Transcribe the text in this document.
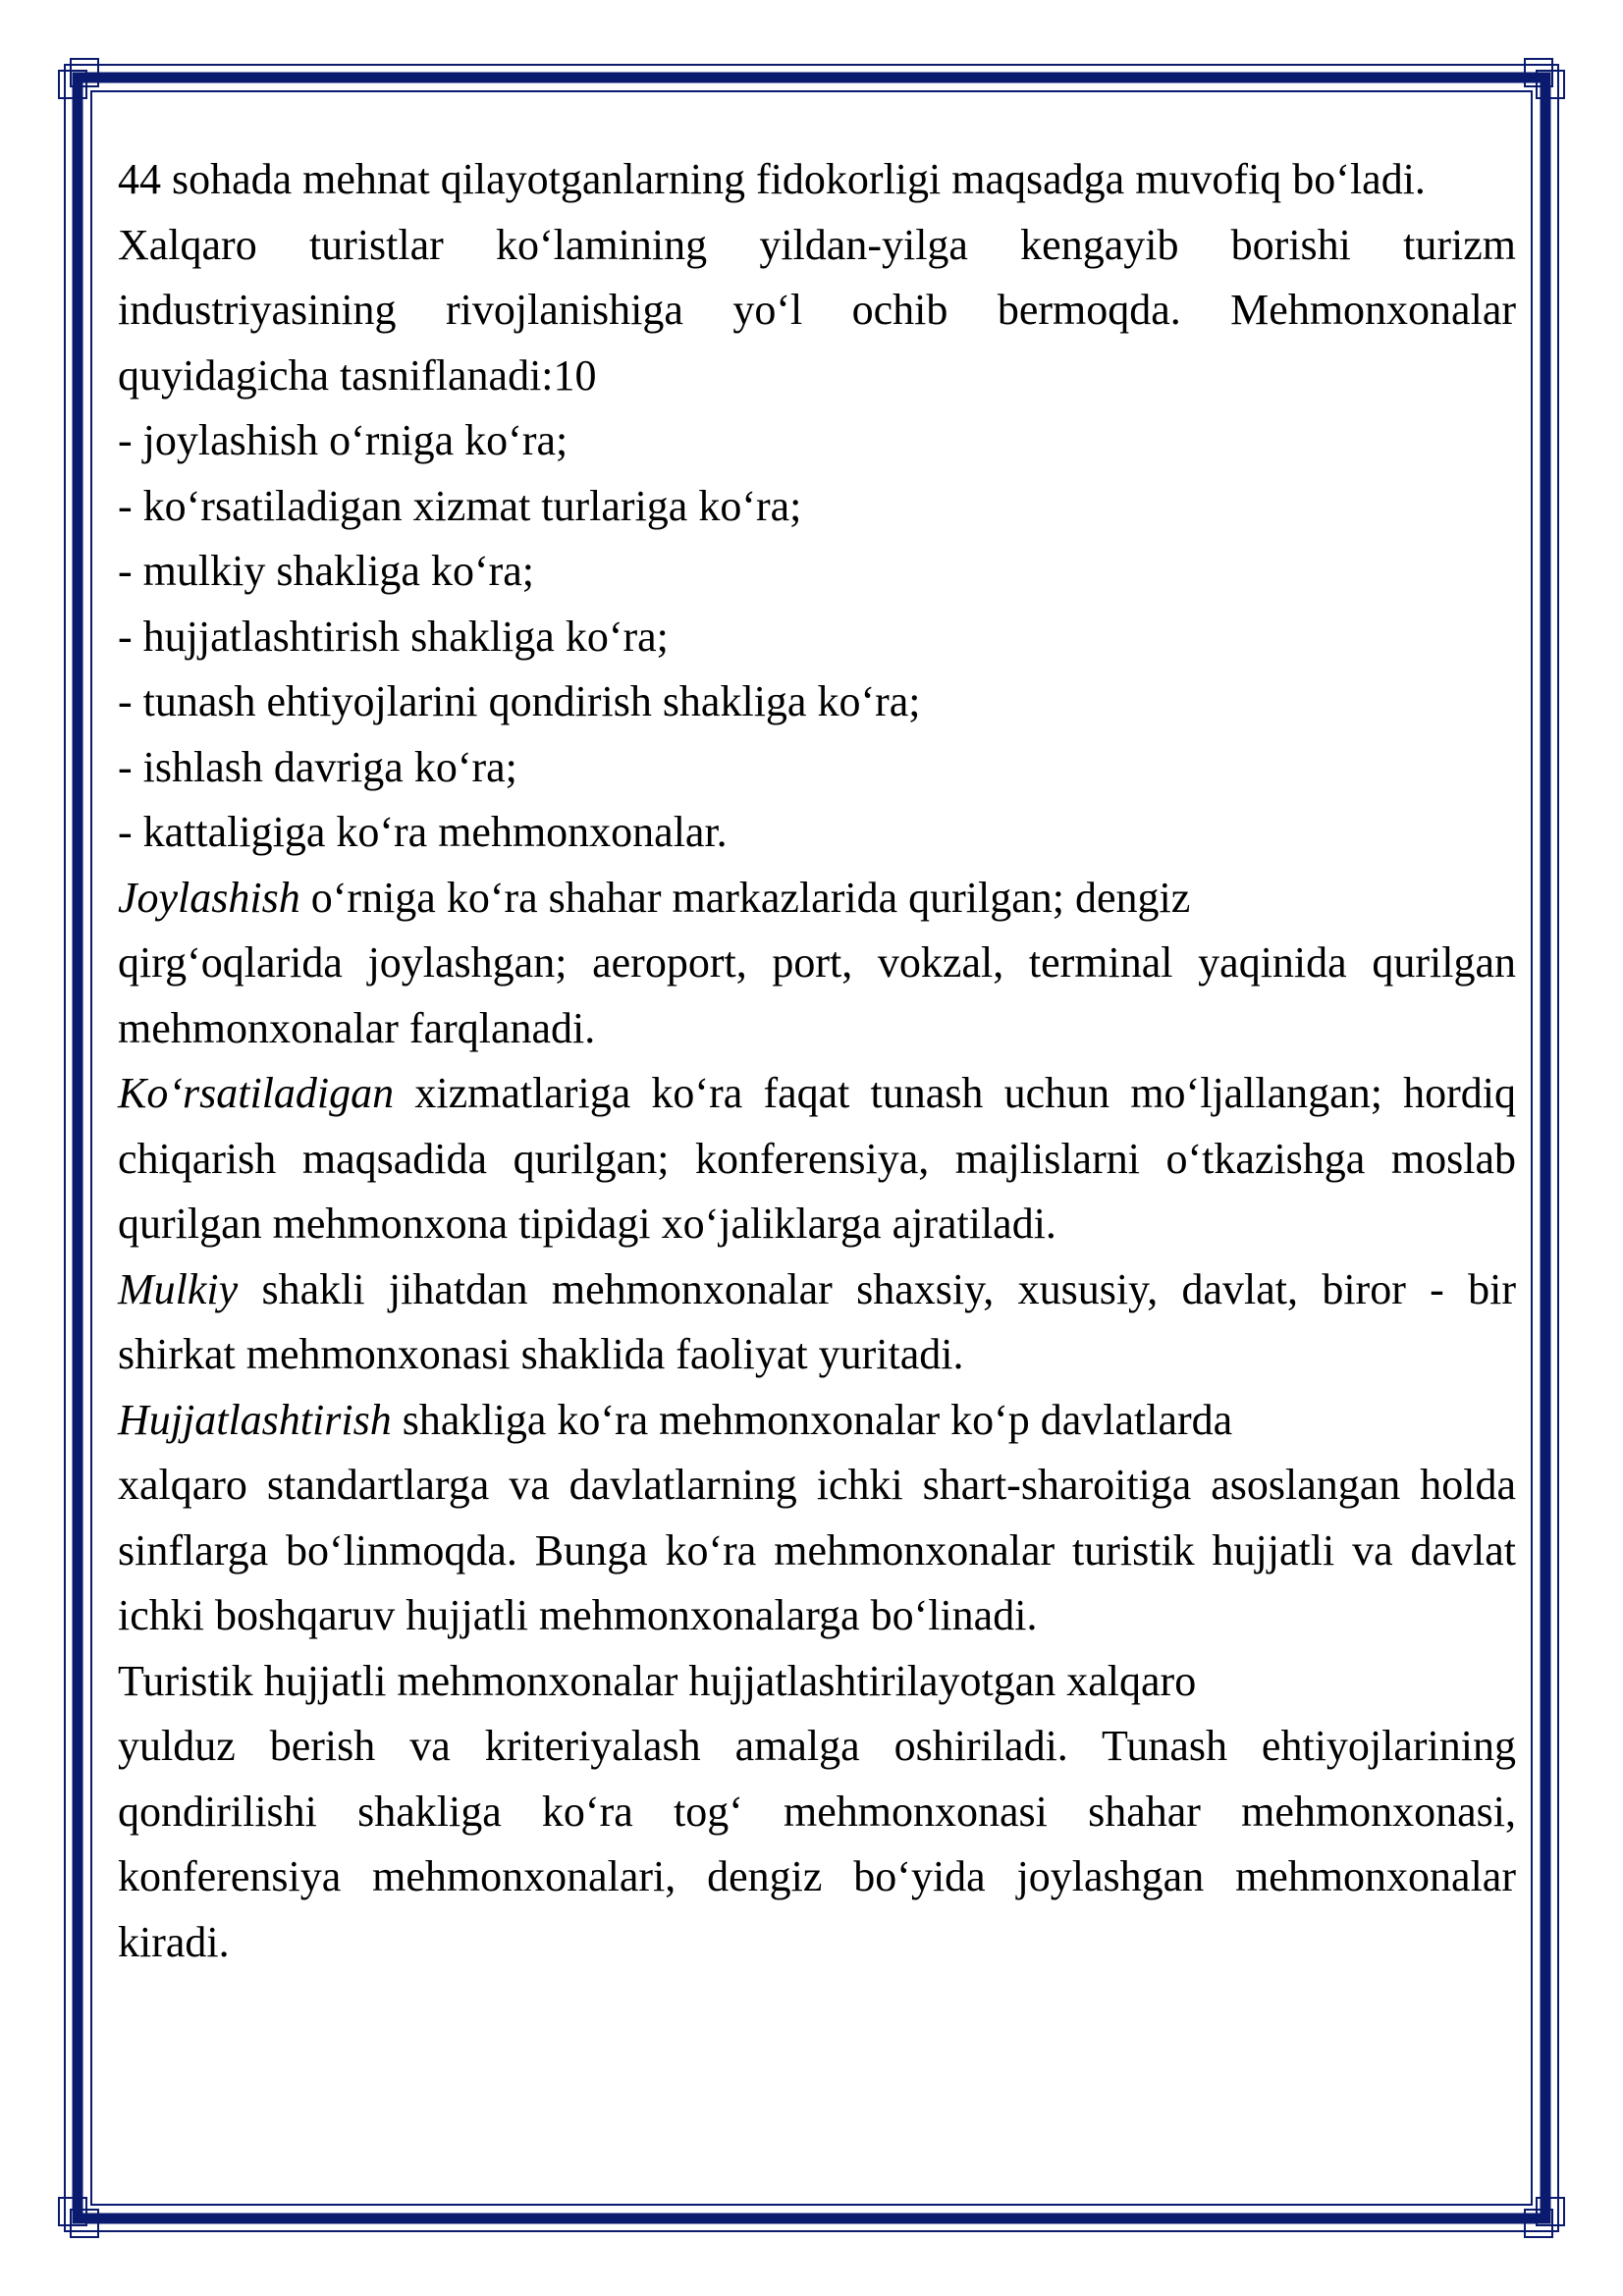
44 sohada mehnat qilayotganlarning fidokorligi maqsadga muvofiq bo‘ladi.

Xalqaro turistlar ko‘lamining yildan-yilga kengayib borishi turizm industriyasining rivojlanishiga yo‘l ochib bermoqda. Mehmonxonalar quyidagicha tasniflanadi:10

- joylashish o‘rniga ko‘ra;

- ko‘rsatiladigan xizmat turlariga ko‘ra;

- mulkiy shakliga ko‘ra;

- hujjatlashtirish shakliga ko‘ra;

- tunash ehtiyojlarini qondirish shakliga ko‘ra;

- ishlash davriga ko‘ra;

- kattaligiga ko‘ra mehmonxonalar.

Joylashish o‘rniga ko‘ra shahar markazlarida qurilgan; dengiz

qirg‘oqlarida joylashgan; aeroport, port, vokzal, terminal yaqinida qurilgan mehmonxonalar farqlanadi.

Ko‘rsatiladigan xizmatlariga ko‘ra faqat tunash uchun mo‘ljallangan; hordiq chiqarish maqsadida qurilgan; konferensiya, majlislarni o‘tkazishga moslab qurilgan mehmonxona tipidagi xo‘jaliklarga ajratiladi.

Mulkiy shakli jihatdan mehmonxonalar shaxsiy, xususiy, davlat, biror - bir shirkat mehmonxonasi shaklida faoliyat yuritadi.

Hujjatlashtirish shakliga ko‘ra mehmonxonalar ko‘p davlatlarda

xalqaro standartlarga va davlatlarning ichki shart-sharoitiga asoslangan holda sinflarga bo‘linmoqda. Bunga ko‘ra mehmonxonalar turistik hujjatli va davlat ichki boshqaruv hujjatli mehmonxonalarga bo‘linadi.

Turistik hujjatli mehmonxonalar hujjatlashtirilayotgan xalqaro

yulduz berish va kriteriyalash amalga oshiriladi. Tunash ehtiyojlarining qondirilishi shakliga ko‘ra tog‘ mehmonxonasi shahar mehmonxonasi, konferensiya mehmonxonalari, dengiz bo‘yida joylashgan mehmonxonalar kiradi.
